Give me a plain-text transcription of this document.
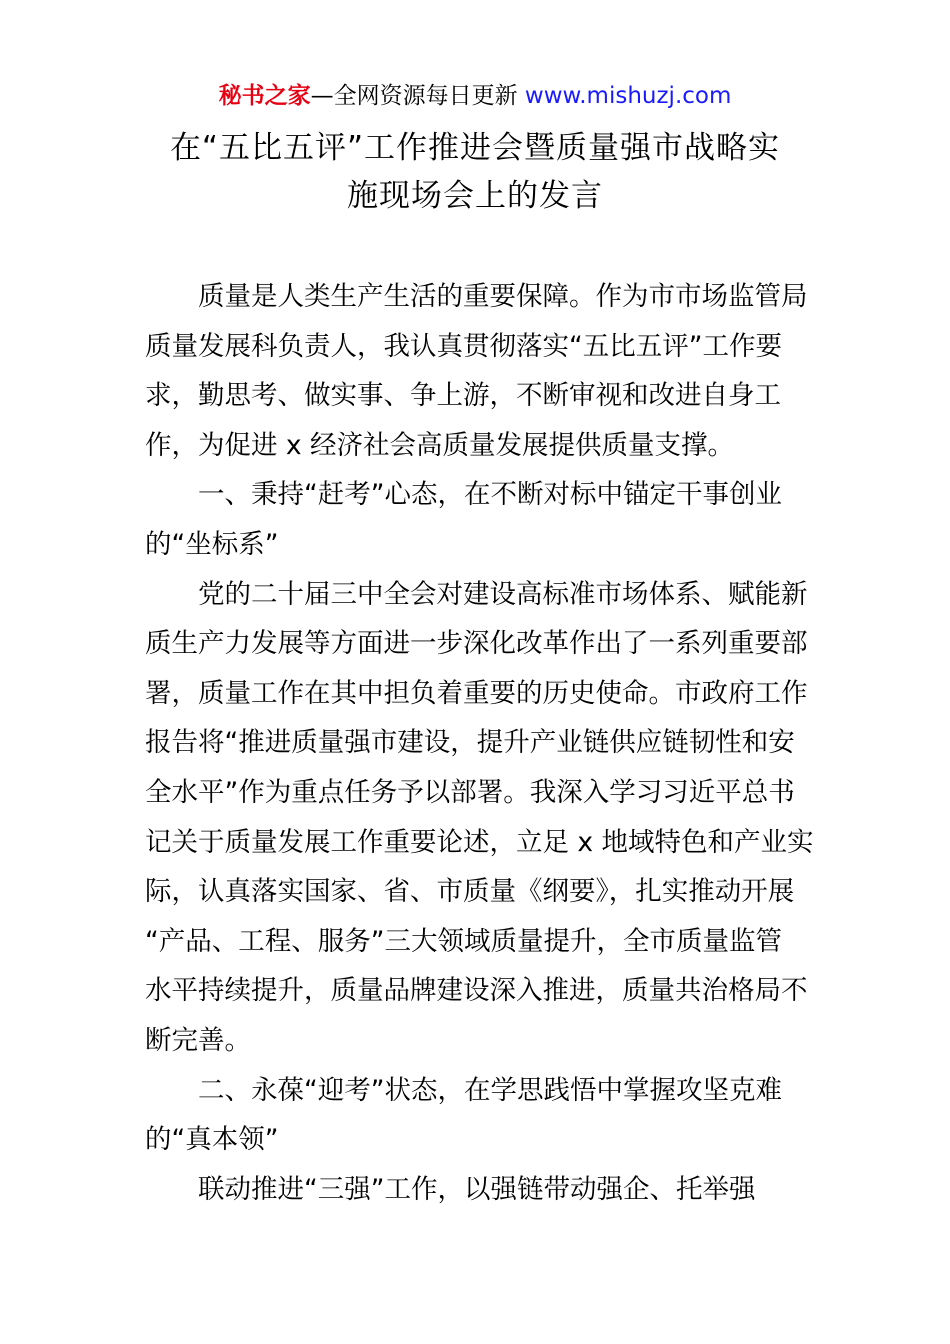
秘书之家—全网资源每日更新 www.mishuzj.com
在“五比五评”工作推进会暨质量强市战略实
施现场会上的发言
质量是人类生产生活的重要保障。作为市市场监管局
质量发展科负责人，我认真贯彻落实“五比五评”工作要
求，勤思考、做实事、争上游，不断审视和改进自身工
作，为促进 x 经济社会高质量发展提供质量支撑。
一、秉持“赶考”心态，在不断对标中锚定干事创业
的“坐标系”
党的二十届三中全会对建设高标准市场体系、赋能新
质生产力发展等方面进一步深化改革作出了一系列重要部
署，质量工作在其中担负着重要的历史使命。市政府工作
报告将“推进质量强市建设，提升产业链供应链韧性和安
全水平”作为重点任务予以部署。我深入学习习近平总书
记关于质量发展工作重要论述，立足 x 地域特色和产业实
际，认真落实国家、省、市质量《纲要》，扎实推动开展
“产品、工程、服务”三大领域质量提升，全市质量监管
水平持续提升，质量品牌建设深入推进，质量共治格局不
断完善。
二、永葆“迎考”状态，在学思践悟中掌握攻坚克难
的“真本领”
联动推进“三强”工作，以强链带动强企、托举强
